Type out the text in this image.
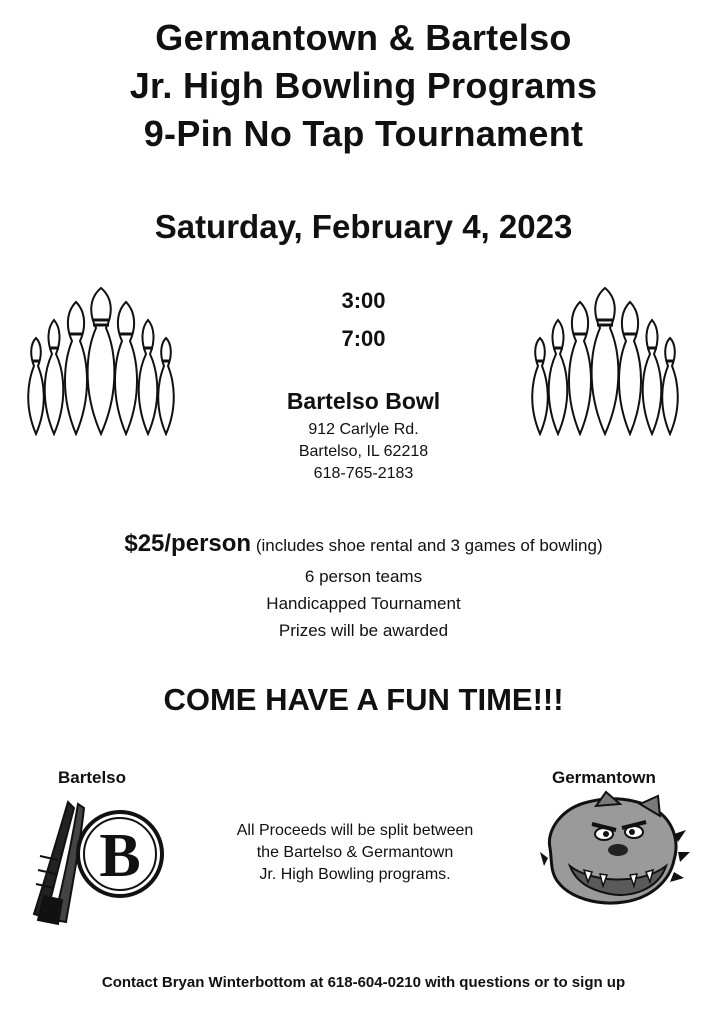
Germantown & Bartelso
Jr. High Bowling Programs
9-Pin No Tap Tournament
Saturday, February 4, 2023
3:00
7:00
Bartelso Bowl
912 Carlyle Rd.
Bartelso, IL 62218
618-765-2183
$25/person (includes shoe rental and 3 games of bowling)
6 person teams
Handicapped Tournament
Prizes will be awarded
COME HAVE A FUN TIME!!!
Bartelso	Germantown
B	All Proceeds will be split between
the Bartelso & Germantown
Jr. High Bowling programs.
Contact Bryan Winterbottom at 618-604-0210 with questions or to sign up
